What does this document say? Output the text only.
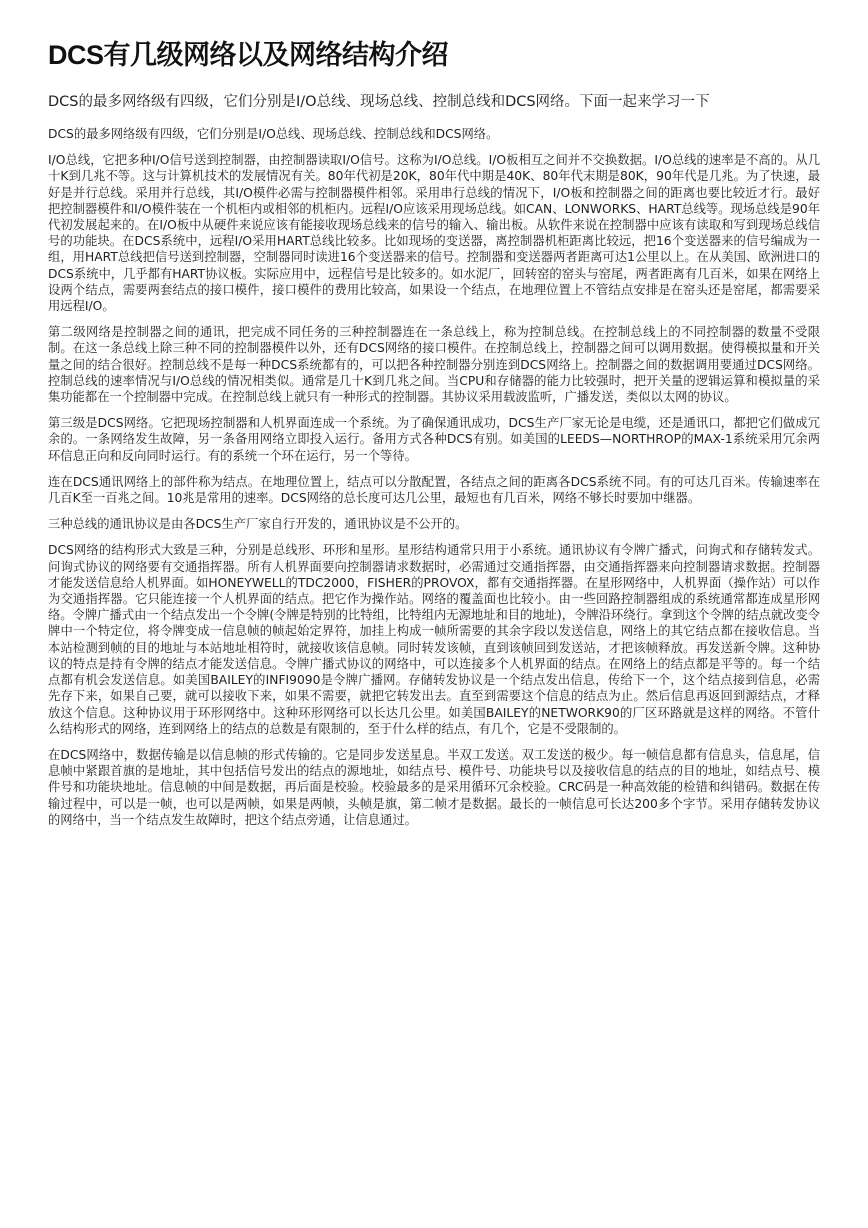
DCS有几级网络以及网络结构介绍
DCS的最多网络级有四级，它们分别是I/O总线、现场总线、控制总线和DCS网络。下面一起来学习一下

DCS的最多网络级有四级，它们分别是I/O总线、现场总线、控制总线和DCS网络。

I/O总线，它把多种I/O信号送到控制器，由控制器读取I/O信号。这称为I/O总线。I/O板相互之间并不交换数据。I/O总线的速率是不高的。从几十K到几兆不等。这与计算机技术的发展情况有关。80年代初是20K，80年代中期是40K、80年代末期是80K，90年代是几兆。为了快速，最好是并行总线。采用并行总线，其I/O模件必需与控制器模件相邻。采用串行总线的情况下，I/O板和控制器之间的距离也要比较近才行。最好把控制器模件和I/O模件装在一个机柜内或相邻的机柜内。远程I/O应该采用现场总线。如CAN、LONWORKS、HART总线等。现场总线是90年代初发展起来的。在I/O板中从硬件来说应该有能接收现场总线来的信号的输入、输出板。从软件来说在控制器中应该有读取和写到现场总线信号的功能块。在DCS系统中，远程I/O采用HART总线比较多。比如现场的变送器，离控制器机柜距离比较远，把16个变送器来的信号编成为一组，用HART总线把信号送到控制器，空制器同时读进16个变送器来的信号。控制器和变送器两者距离可达1公里以上。在从美国、欧洲进口的DCS系统中，几乎都有HART协议板。实际应用中，远程信号是比较多的。如水泥厂，回转窑的窑头与窑尾，两者距离有几百米，如果在网络上设两个结点，需要两套结点的接口模件，接口模件的费用比较高，如果设一个结点，在地理位置上不管结点安排是在窑头还是窑尾，都需要采用远程I/O。

第二级网络是控制器之间的通讯，把完成不同任务的三种控制器连在一条总线上，称为控制总线。在控制总线上的不同控制器的数量不受限制。在这一条总线上除三种不同的控制器模件以外，还有DCS网络的接口模件。在控制总线上，控制器之间可以调用数据。使得模拟量和开关量之间的结合很好。控制总线不是每一种DCS系统都有的，可以把各种控制器分别连到DCS网络上。控制器之间的数据调用要通过DCS网络。控制总线的速率情况与I/O总线的情况相类似。通常是几十K到几兆之间。当CPU和存储器的能力比较强时，把开关量的逻辑运算和模拟量的采集功能都在一个控制器中完成。在控制总线上就只有一种形式的控制器。其协议采用载波监听，广播发送，类似以太网的协议。

第三级是DCS网络。它把现场控制器和人机界面连成一个系统。为了确保通讯成功，DCS生产厂家无论是电缆，还是通讯口，都把它们做成冗余的。一条网络发生故障，另一条备用网络立即投入运行。备用方式各种DCS有别。如美国的LEEDS—NORTHROP的MAX-1系统采用冗余两环信息正向和反向同时运行。有的系统一个环在运行，另一个等待。

连在DCS通讯网络上的部件称为结点。在地理位置上，结点可以分散配置，各结点之间的距离各DCS系统不同。有的可达几百米。传输速率在几百K至一百兆之间。10兆是常用的速率。DCS网络的总长度可达几公里，最短也有几百米，网络不够长时要加中继器。

三种总线的通讯协议是由各DCS生产厂家自行开发的，通讯协议是不公开的。

DCS网络的结构形式大致是三种，分别是总线形、环形和星形。星形结构通常只用于小系统。通讯协议有令牌广播式，问询式和存储转发式。问询式协议的网络要有交通指挥器。所有人机界面要向控制器请求数据时，必需通过交通指挥器，由交通指挥器来向控制器请求数据。控制器才能发送信息给人机界面。如HONEYWELL的TDC2000，FISHER的PROVOX，都有交通指挥器。在星形网络中，人机界面（操作站）可以作为交通指挥器。它只能连接一个人机界面的结点。把它作为操作站。网络的覆盖面也比较小。由一些回路控制器组成的系统通常都连成星形网络。令牌广播式由一个结点发出一个令牌(令牌是特别的比特组，比特组内无源地址和目的地址)，令牌沿环绕行。拿到这个令牌的结点就改变令牌中一个特定位，将令牌变成一信息帧的帧起始定界符，加挂上构成一帧所需要的其余字段以发送信息，网络上的其它结点都在接收信息。当本站检测到帧的目的地址与本站地址相符时，就接收该信息帧。同时转发该帧，直到该帧回到发送站，才把该帧释放。再发送新令牌。这种协议的特点是持有令牌的结点才能发送信息。令牌广播式协议的网络中，可以连接多个人机界面的结点。在网络上的结点都是平等的。每一个结点都有机会发送信息。如美国BAILEY的INFI9090是令牌广播网。存储转发协议是一个结点发出信息，传给下一个，这个结点接到信息，必需先存下来，如果自己要，就可以接收下来，如果不需要，就把它转发出去。直至到需要这个信息的结点为止。然后信息再返回到源结点，才释放这个信息。这种协议用于环形网络中。这种环形网络可以长达几公里。如美国BAILEY的NETWORK90的厂区环路就是这样的网络。不管什么结构形式的网络，连到网络上的结点的总数是有限制的，至于什么样的结点，有几个，它是不受限制的。

在DCS网络中，数据传输是以信息帧的形式传输的。它是同步发送星息。半双工发送。双工发送的极少。每一帧信息都有信息头，信息尾，信息帧中紧跟首旗的是地址，其中包括信号发出的结点的源地址，如结点号、模件号、功能块号以及接收信息的结点的目的地址，如结点号、模件号和功能块地址。信息帧的中间是数据，再后面是校验。校验最多的是采用循环冗余校验。CRC码是一种高效能的检错和纠错码。数据在传输过程中，可以是一帧，也可以是两帧，如果是两帧，头帧是旗，第二帧才是数据。最长的一帧信息可长达200多个字节。采用存储转发协议的网络中，当一个结点发生故障时，把这个结点旁通，让信息通过。
